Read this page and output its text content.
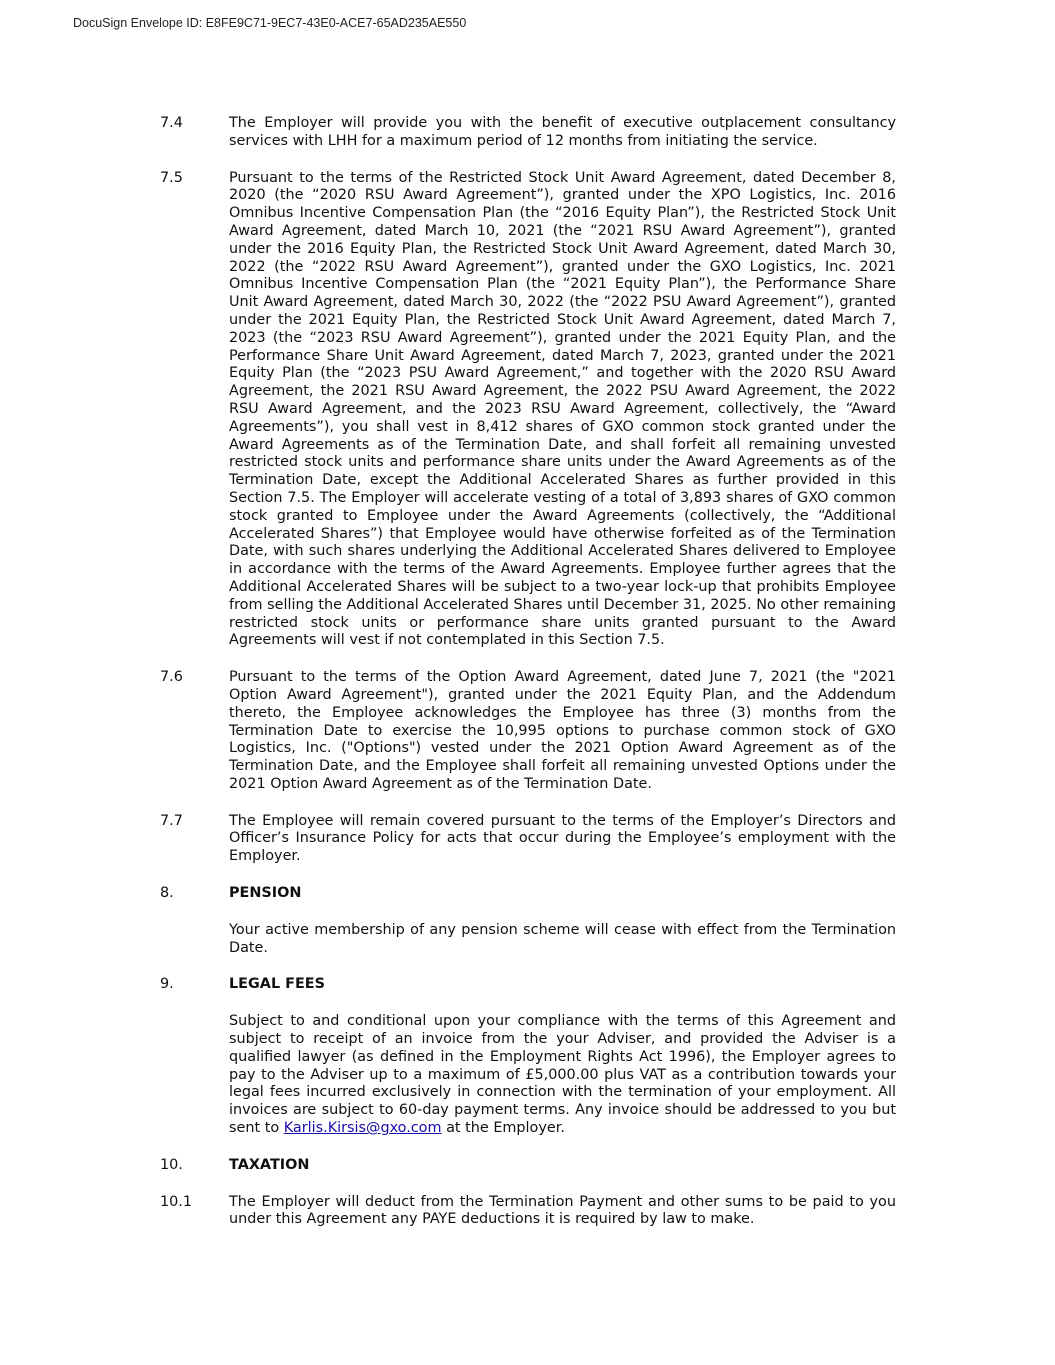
DocuSign Envelope ID: E8FE9C71-9EC7-43E0-ACE7-65AD235AE550
7.4	The Employer will provide you with the benefit of executive outplacement consultancy services with LHH for a maximum period of 12 months from initiating the service.
7.5	Pursuant to the terms of the Restricted Stock Unit Award Agreement, dated December 8, 2020 (the “2020 RSU Award Agreement”), granted under the XPO Logistics, Inc. 2016 Omnibus Incentive Compensation Plan (the “2016 Equity Plan”), the Restricted Stock Unit Award Agreement, dated March 10, 2021 (the “2021 RSU Award Agreement”), granted under the 2016 Equity Plan, the Restricted Stock Unit Award Agreement, dated March 30, 2022 (the “2022 RSU Award Agreement”), granted under the GXO Logistics, Inc. 2021 Omnibus Incentive Compensation Plan (the “2021 Equity Plan”), the Performance Share Unit Award Agreement, dated March 30, 2022 (the “2022 PSU Award Agreement”), granted under the 2021 Equity Plan, the Restricted Stock Unit Award Agreement, dated March 7, 2023 (the “2023 RSU Award Agreement”), granted under the 2021 Equity Plan, and the Performance Share Unit Award Agreement, dated March 7, 2023, granted under the 2021 Equity Plan (the “2023 PSU Award Agreement,” and together with the 2020 RSU Award Agreement, the 2021 RSU Award Agreement, the 2022 PSU Award Agreement, the 2022 RSU Award Agreement, and the 2023 RSU Award Agreement, collectively, the “Award Agreements”), you shall vest in 8,412 shares of GXO common stock granted under the Award Agreements as of the Termination Date, and shall forfeit all remaining unvested restricted stock units and performance share units under the Award Agreements as of the Termination Date, except the Additional Accelerated Shares as further provided in this Section 7.5. The Employer will accelerate vesting of a total of 3,893 shares of GXO common stock granted to Employee under the Award Agreements (collectively, the “Additional Accelerated Shares”) that Employee would have otherwise forfeited as of the Termination Date, with such shares underlying the Additional Accelerated Shares delivered to Employee in accordance with the terms of the Award Agreements. Employee further agrees that the Additional Accelerated Shares will be subject to a two-year lock-up that prohibits Employee from selling the Additional Accelerated Shares until December 31, 2025. No other remaining restricted stock units or performance share units granted pursuant to the Award Agreements will vest if not contemplated in this Section 7.5.
7.6	Pursuant to the terms of the Option Award Agreement, dated June 7, 2021 (the "2021 Option Award Agreement"), granted under the 2021 Equity Plan, and the Addendum thereto, the Employee acknowledges the Employee has three (3) months from the Termination Date to exercise the 10,995 options to purchase common stock of GXO Logistics, Inc. ("Options") vested under the 2021 Option Award Agreement as of the Termination Date, and the Employee shall forfeit all remaining unvested Options under the 2021 Option Award Agreement as of the Termination Date.
7.7	The Employee will remain covered pursuant to the terms of the Employer’s Directors and Officer’s Insurance Policy for acts that occur during the Employee’s employment with the Employer.
8.	PENSION
Your active membership of any pension scheme will cease with effect from the Termination Date.
9.	LEGAL FEES
Subject to and conditional upon your compliance with the terms of this Agreement and subject to receipt of an invoice from the your Adviser, and provided the Adviser is a qualified lawyer (as defined in the Employment Rights Act 1996), the Employer agrees to pay to the Adviser up to a maximum of £5,000.00 plus VAT as a contribution towards your legal fees incurred exclusively in connection with the termination of your employment. All invoices are subject to 60-day payment terms. Any invoice should be addressed to you but sent to Karlis.Kirsis@gxo.com at the Employer.
10.	TAXATION
10.1	The Employer will deduct from the Termination Payment and other sums to be paid to you under this Agreement any PAYE deductions it is required by law to make.
